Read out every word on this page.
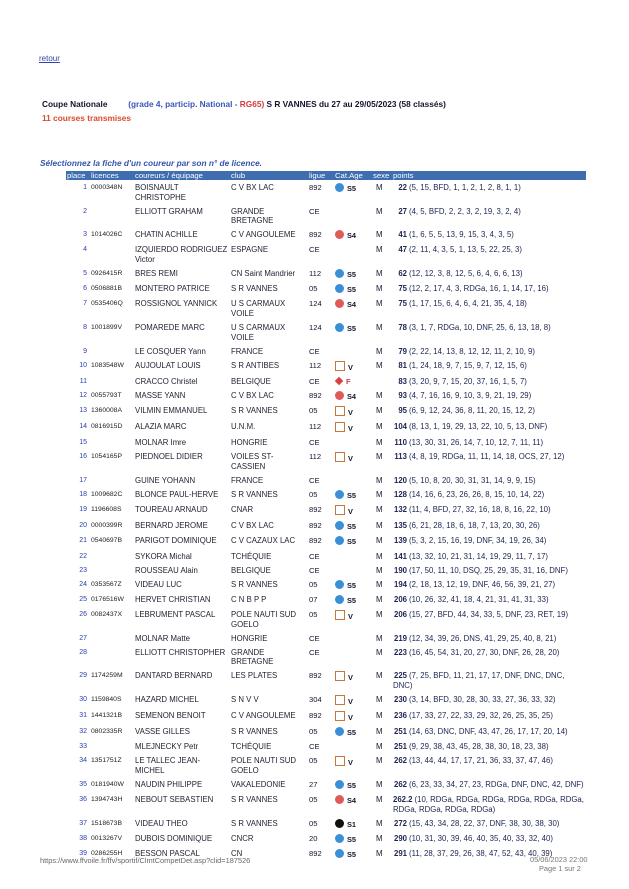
retour
Coupe Nationale	(grade 4, particip. National - RG65) S R VANNES du 27 au 29/05/2023 (58 classés)
11 courses transmises
Sélectionnez la fiche d'un coureur par son n° de licence.
place	licences	coureurs / équipage	club	ligue	Cat.Age	sexe	points
1	0000348N	BOISNAULT CHRISTOPHE	C V BX LAC	892	S5	M	22 (5, 15, BFD, 1, 1, 2, 1, 2, 8, 1, 1)
2		ELLIOTT GRAHAM	GRANDE BRETAGNE	CE		M	27 (4, 5, BFD, 2, 2, 3, 2, 19, 3, 2, 4)
3	1014026C	CHATIN ACHILLE	C V ANGOULEME	892	S4	M	41 (1, 6, 5, 5, 13, 9, 15, 3, 4, 3, 5)
4		IZQUIERDO RODRIGUEZ Victor	ESPAGNE	CE		M	47 (2, 11, 4, 3, 5, 1, 13, 5, 22, 25, 3)
5	0926415R	BRES REMI	CN Saint Mandrier	112	S5	M	62 (12, 12, 3, 8, 12, 5, 6, 4, 6, 6, 13)
6	0506881B	MONTERO PATRICE	S R VANNES	05	S5	M	75 (12, 2, 17, 4, 3, RDGa, 16, 1, 14, 17, 16)
7	0535406Q	ROSSIGNOL YANNICK	U S CARMAUX VOILE	124	S4	M	75 (1, 17, 15, 6, 4, 6, 4, 21, 35, 4, 18)
8	1001899V	POMAREDE MARC	U S CARMAUX VOILE	124	S5	M	78 (3, 1, 7, RDGa, 10, DNF, 25, 6, 13, 18, 8)
9		LE COSQUER Yann	FRANCE	CE		M	79 (2, 22, 14, 13, 8, 12, 12, 11, 2, 10, 9)
10	1083548W	AUJOULAT LOUIS	S R ANTIBES	112	V	M	81 (1, 24, 18, 9, 7, 15, 9, 7, 12, 15, 6)
11		CRACCO Christel	BELGIQUE	CE	F		83 (3, 20, 9, 7, 15, 20, 37, 16, 1, 5, 7)
12	0055793T	MASSE YANN	C V BX LAC	892	S4	M	93 (4, 7, 16, 16, 9, 10, 3, 9, 21, 19, 29)
13	1360008A	VILMIN EMMANUEL	S R VANNES	05	V	M	95 (6, 9, 12, 24, 36, 8, 11, 20, 15, 12, 2)
14	0816915D	ALAZIA MARC	U.N.M.	112	V	M	104 (8, 13, 1, 19, 29, 13, 22, 10, 5, 13, DNF)
15		MOLNAR Imre	HONGRIE	CE		M	110 (13, 30, 31, 26, 14, 7, 10, 12, 7, 11, 11)
16	1054165P	PIEDNOEL DIDIER	VOILES ST-CASSIEN	112	V	M	113 (4, 8, 19, RDGa, 11, 11, 14, 18, OCS, 27, 12)
17		GUINE YOHANN	FRANCE	CE		M	120 (5, 10, 8, 20, 30, 31, 31, 14, 9, 9, 15)
18	1009682C	BLONCE PAUL-HERVE	S R VANNES	05	S5	M	128 (14, 16, 6, 23, 26, 26, 8, 15, 10, 14, 22)
19	1196608S	TOUREAU ARNAUD	CNAR	892	V	M	132 (11, 4, BFD, 27, 32, 16, 18, 8, 16, 22, 10)
20	0000399R	BERNARD JEROME	C V BX LAC	892	S5	M	135 (6, 21, 28, 18, 6, 18, 7, 13, 20, 30, 26)
21	0540697B	PARIGOT DOMINIQUE	C V CAZAUX LAC	892	S5	M	139 (5, 3, 2, 15, 16, 19, DNF, 34, 19, 26, 34)
22		SYKORA Michal	TCHÉQUIE	CE		M	141 (13, 32, 10, 21, 31, 14, 19, 29, 11, 7, 17)
23		ROUSSEAU Alain	BELGIQUE	CE		M	190 (17, 50, 11, 10, DSQ, 25, 29, 35, 31, 16, DNF)
24	0353567Z	VIDEAU LUC	S R VANNES	05	S5	M	194 (2, 18, 13, 12, 19, DNF, 46, 56, 39, 21, 27)
25	0176516W	HERVET CHRISTIAN	C N B P P	07	S5	M	206 (10, 26, 32, 41, 18, 4, 21, 31, 41, 31, 33)
26	0082437X	LEBRUMENT PASCAL	POLE NAUTI SUD GOELO	05	V	M	206 (15, 27, BFD, 44, 34, 33, 5, DNF, 23, RET, 19)
27		MOLNAR Matte	HONGRIE	CE		M	219 (12, 34, 39, 26, DNS, 41, 29, 25, 40, 8, 21)
28		ELLIOTT CHRISTOPHER	GRANDE BRETAGNE	CE		M	223 (16, 45, 54, 31, 20, 27, 30, DNF, 26, 28, 20)
29	1174259M	DANTARD BERNARD	LES PLATES	892	V	M	225 (7, 25, BFD, 11, 21, 17, 17, DNF, DNC, DNC, DNC)
30	1159840S	HAZARD MICHEL	S N V V	304	V	M	230 (3, 14, BFD, 30, 28, 30, 33, 27, 36, 33, 32)
31	1441321B	SEMENON BENOIT	C V ANGOULEME	892	V	M	236 (17, 33, 27, 22, 33, 29, 32, 26, 25, 35, 25)
32	0802335R	VASSE GILLES	S R VANNES	05	S5	M	251 (14, 63, DNC, DNF, 43, 47, 26, 17, 17, 20, 14)
33		MLEJNECKY Petr	TCHÉQUIE	CE		M	251 (9, 29, 38, 43, 45, 28, 38, 30, 18, 23, 38)
34	1351751Z	LE TALLEC JEAN-MICHEL	POLE NAUTI SUD GOELO	05	V	M	262 (13, 44, 44, 17, 17, 21, 36, 33, 37, 47, 46)
35	0181940W	NAUDIN PHILIPPE	VAKALEDONIE	27	S5	M	262 (6, 23, 33, 34, 27, 23, RDGa, DNF, DNC, 42, DNF)
36	1394743H	NEBOUT SEBASTIEN	S R VANNES	05	S4	M	262.2 (10, RDGa, RDGa, RDGa, RDGa, RDGa, RDGa, RDGa, RDGa, RDGa, RDGa)
37	1518673B	VIDEAU THEO	S R VANNES	05	S1	M	272 (15, 43, 34, 28, 22, 37, DNF, 38, 30, 38, 30)
38	0013267V	DUBOIS DOMINIQUE	CNCR	20	S5	M	290 (10, 31, 30, 39, 46, 40, 35, 40, 33, 32, 40)
39	0286255H	BESSON PASCAL	CN	892	S5	M	291 (11, 28, 37, 29, 26, 38, 47, 52, 43, 40, 39)
https://www.ffvoile.fr/ffv/sportif/ClmtCompetDet.asp?clid=187526	05/06/2023 22:00
Page 1 sur 2
